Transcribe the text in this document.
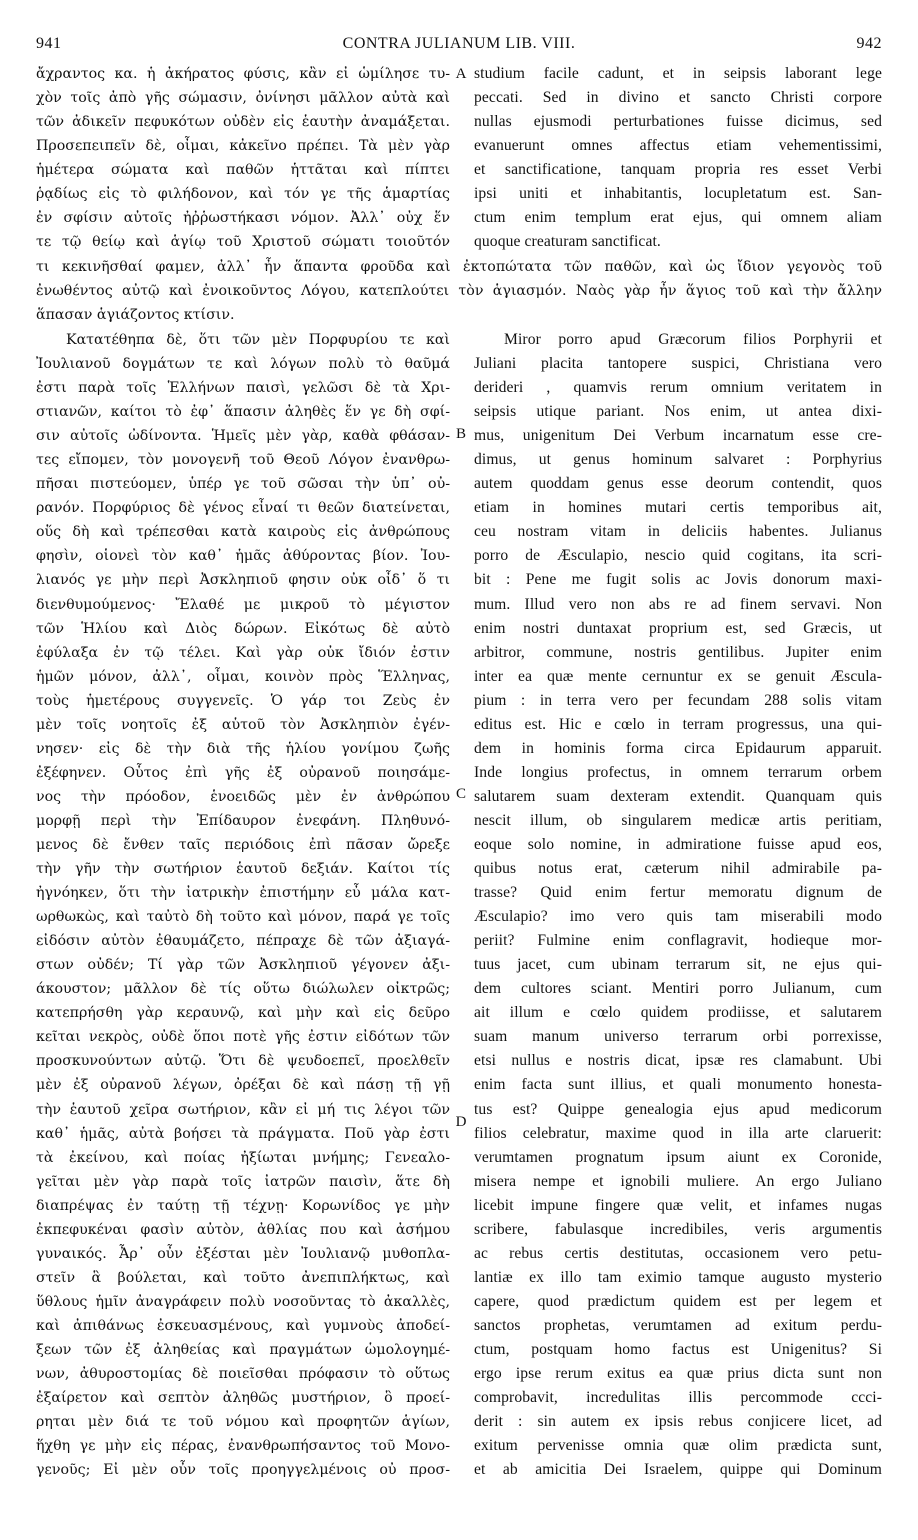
941	CONTRA JULIANUM LIB. VIII.	942
ἄχραντος κα. ἡ ἀκήρατος φύσις, κἂν εἰ ὡμίλησε τυ-
χὸν τοῖς ἀπὸ γῆς σώμασιν, ὀνίνησι μᾶλλον αὐτὰ καὶ
τῶν ἀδικεῖν πεφυκότων οὐδὲν εἰς ἑαυτὴν ἀναμάξεται.
Προσεπειπεῖν δὲ, οἶμαι, κἀκεῖνο πρέπει. Τὰ μὲν γὰρ
ἡμέτερα σώματα καὶ παθῶν ἡττᾶται καὶ πίπτει
ῥᾳδίως εἰς τὸ φιλήδονον, καὶ τόν γε τῆς ἁμαρτίας
ἐν σφίσιν αὐτοῖς ἠῤῥωστήκασι νόμον. Ἀλλ᾽ οὐχ ἕν
τε τῷ θείῳ καὶ ἁγίῳ τοῦ Χριστοῦ σώματι τοιοῦτόν
studium facile cadunt, et in seipsis laborant lege
peccati. Sed in divino et sancto Christi corpore
nullas ejusmodi perturbationes fuisse dicimus, sed
evanuerunt omnes affectus etiam vehementissimi,
et sanctificatione, tanquam propria res esset Verbi
ipsi uniti et inhabitantis, locupletatum est. San-
ctum enim templum erat ejus, qui omnem aliam
quoque creaturam sanctificat.
τι κεκινῆσθαί φαμεν, ἀλλ᾽ ἦν ἅπαντα φροῦδα καὶ ἐκτοπώτατα τῶν παθῶν, καὶ ὡς ἴδιον γεγονὸς τοῦ
ἐνωθέντος αὐτῷ καὶ ἐνοικοῦντος Λόγου, κατεπλούτει τὸν ἁγιασμόν. Ναὸς γὰρ ἦν ἅγιος τοῦ καὶ τὴν ἄλλην
ἅπασαν ἁγιάζοντος κτίσιν.
Κατατέθηπα δὲ, ὅτι τῶν μὲν Πορφυρίου τε καὶ
Ἰουλιανοῦ δογμάτων τε καὶ λόγων πολὺ τὸ θαῦμά
ἐστι παρὰ τοῖς Ἑλλήνων παισὶ, γελῶσι δὲ τὰ Χρι-
στιανῶν, καίτοι τὸ ἐφ᾽ ἅπασιν ἀληθὲς ἕν γε δὴ σφί-
σιν αὐτοῖς ὠδίνοντα. Ἡμεῖς μὲν γὰρ, καθὰ φθάσαν-
τες εἴπομεν, τὸν μονογενῆ τοῦ Θεοῦ Λόγον ἐνανθρω-
πῆσαι πιστεύομεν, ὑπέρ γε τοῦ σῶσαι τὴν ὑπ᾽ οὐ-
ρανόν. Πορφύριος δὲ γένος εἶναί τι θεῶν διατείνεται,
οὕς δὴ καὶ τρέπεσθαι κατὰ καιροὺς εἰς ἀνθρώπους
φησὶν, οἱονεὶ τὸν καθ᾽ ἡμᾶς ἀθύροντας βίον. Ἰου-
λιανός γε μὴν περὶ Ἀσκληπιοῦ φησιν οὐκ οἶδ᾽ ὅ τι
διενθυμούμενος· Ἔλαθέ με μικροῦ τὸ μέγιστον
τῶν Ἡλίου καὶ Διὸς δώρων. Εἰκότως δὲ αὐτὸ
ἐφύλαξα ἐν τῷ τέλει. Καὶ γὰρ οὐκ ἴδιόν ἐστιν
ἡμῶν μόνον, ἀλλ᾽, οἶμαι, κοινὸν πρὸς Ἕλληνας,
τοὺς ἡμετέρους συγγενεῖς. Ὁ γάρ τοι Ζεὺς ἐν
μὲν τοῖς νοητοῖς ἐξ αὑτοῦ τὸν Ἀσκληπιὸν ἐγέν-
νησεν· εἰς δὲ τὴν διὰ τῆς ἡλίου γονίμου ζωῆς
ἐξέφηνεν. Οὗτος ἐπὶ γῆς ἐξ οὐρανοῦ ποιησάμε-
νος τὴν πρόοδον, ἑνοειδῶς μὲν ἐν ἀνθρώπου
μορφῇ περὶ τὴν Ἐπίδαυρον ἐνεφάνη. Πληθυνό-
μενος δὲ ἔνθεν ταῖς περιόδοις ἐπὶ πᾶσαν ὤρεξε
τὴν γῆν τὴν σωτήριον ἑαυτοῦ δεξιάν. Καίτοι τίς
ἠγνόηκεν, ὅτι τὴν ἰατρικὴν ἐπιστήμην εὖ μάλα κατ-
ωρθωκὼς, καὶ ταὐτὸ δὴ τοῦτο καὶ μόνον, παρά γε τοῖς
εἰδόσιν αὐτὸν ἐθαυμάζετο, πέπραχε δὲ τῶν ἀξιαγά-
στων οὐδέν; Τί γὰρ τῶν Ἀσκληπιοῦ γέγονεν ἀξι-
άκουστον; μᾶλλον δὲ τίς οὕτω διώλωλεν οἰκτρῶς;
κατεπρήσθη γὰρ κεραυνῷ, καὶ μὴν καὶ εἰς δεῦρο
κεῖται νεκρὸς, οὐδὲ ὅποι ποτὲ γῆς ἐστιν εἰδότων τῶν
προσκυνούντων αὐτῷ. Ὅτι δὲ ψευδοεπεῖ, προελθεῖν
μὲν ἐξ οὐρανοῦ λέγων, ὀρέξαι δὲ καὶ πάσῃ τῇ γῇ
τὴν ἑαυτοῦ χεῖρα σωτήριον, κἂν εἰ μή τις λέγοι τῶν
καθ᾽ ἡμᾶς, αὐτὰ βοήσει τὰ πράγματα. Ποῦ γὰρ ἐστι
τὰ ἐκείνου, καὶ ποίας ἠξίωται μνήμης; Γενεαλο-
γεῖται μὲν γὰρ παρὰ τοῖς ἰατρῶν παισὶν, ἅτε δὴ
διαπρέψας ἐν ταύτῃ τῇ τέχνῃ· Κορωνίδος γε μὴν
ἐκπεφυκέναι φασὶν αὐτὸν, ἀθλίας που καὶ ἀσήμου
γυναικός. Ἆρ᾽ οὖν ἐξέσται μὲν Ἰουλιανῷ μυθοπλα-
στεῖν ἃ βούλεται, καὶ τοῦτο ἀνεπιπλήκτως, καὶ
ὕθλους ἡμῖν ἀναγράφειν πολὺ νοσοῦντας τὸ ἀκαλλὲς,
καὶ ἀπιθάνως ἐσκευασμένους, καὶ γυμνοὺς ἀποδεί-
ξεων τῶν ἐξ ἀληθείας καὶ πραγμάτων ὡμολογημέ-
νων, ἀθυροστομίας δὲ ποιεῖσθαι πρόφασιν τὸ οὕτως
ἐξαίρετον καὶ σεπτὸν ἀληθῶς μυστήριον, ὃ προεί-
ρηται μὲν διά τε τοῦ νόμου καὶ προφητῶν ἁγίων,
ἥχθη γε μὴν εἰς πέρας, ἐνανθρωπήσαντος τοῦ Μονο-
γενοῦς; Εἰ μὲν οὖν τοῖς προηγγελμένοις οὐ προσ-
Miror porro apud Græcorum filios Porphyrii et
Juliani placita tantopere suspici, Christiana vero
derideri , quamvis rerum omnium veritatem in
seipsis utique pariant. Nos enim, ut antea dixi-
mus, unigenitum Dei Verbum incarnatum esse cre-
dimus, ut genus hominum salvaret : Porphyrius
autem quoddam genus esse deorum contendit, quos
etiam in homines mutari certis temporibus ait,
ceu nostram vitam in deliciis habentes. Julianus
porro de Æsculapio, nescio quid cogitans, ita scri-
bit : Pene me fugit solis ac Jovis donorum maxi-
mum. Illud vero non abs re ad finem servavi. Non
enim nostri duntaxat proprium est, sed Græcis, ut
arbitror, commune, nostris gentilibus. Jupiter enim
inter ea quæ mente cernuntur ex se genuit Æscula-
pium : in terra vero per fecundam 288 solis vitam
editus est. Hic e cœlo in terram progressus, una qui-
dem in hominis forma circa Epidaurum apparuit.
Inde longius profectus, in omnem terrarum orbem
salutarem suam dexteram extendit. Quanquam quis
nescit illum, ob singularem medicæ artis peritiam,
eoque solo nomine, in admiratione fuisse apud eos,
quibus notus erat, cæterum nihil admirabile pa-
trasse? Quid enim fertur memoratu dignum de
Æsculapio? imo vero quis tam miserabili modo
periit? Fulmine enim conflagravit, hodieque mor-
tuus jacet, cum ubinam terrarum sit, ne ejus qui-
dem cultores sciant. Mentiri porro Julianum, cum
ait illum e cœlo quidem prodiisse, et salutarem
suam manum universo terrarum orbi porrexisse,
etsi nullus e nostris dicat, ipsæ res clamabunt. Ubi
enim facta sunt illius, et quali monumento honesta-
tus est? Quippe genealogia ejus apud medicorum
filios celebratur, maxime quod in illa arte claruerit:
verumtamen prognatum ipsum aiunt ex Coronide,
misera nempe et ignobili muliere. An ergo Juliano
licebit impune fingere quæ velit, et infames nugas
scribere, fabulasque incredibiles, veris argumentis
ac rebus certis destitutas, occasionem vero petu-
lantiæ ex illo tam eximio tamque augusto mysterio
capere, quod prædictum quidem est per legem et
sanctos prophetas, verumtamen ad exitum perdu-
ctum, postquam homo factus est Unigenitus? Si
ergo ipse rerum exitus ea quæ prius dicta sunt non
comprobavit, incredulitas illis percommode ccci-
derit : sin autem ex ipsis rebus conjicere licet, ad
exitum pervenisse omnia quæ olim prædicta sunt,
et ab amicitia Dei Israelem, quippe qui Dominum
A
B
C
D
